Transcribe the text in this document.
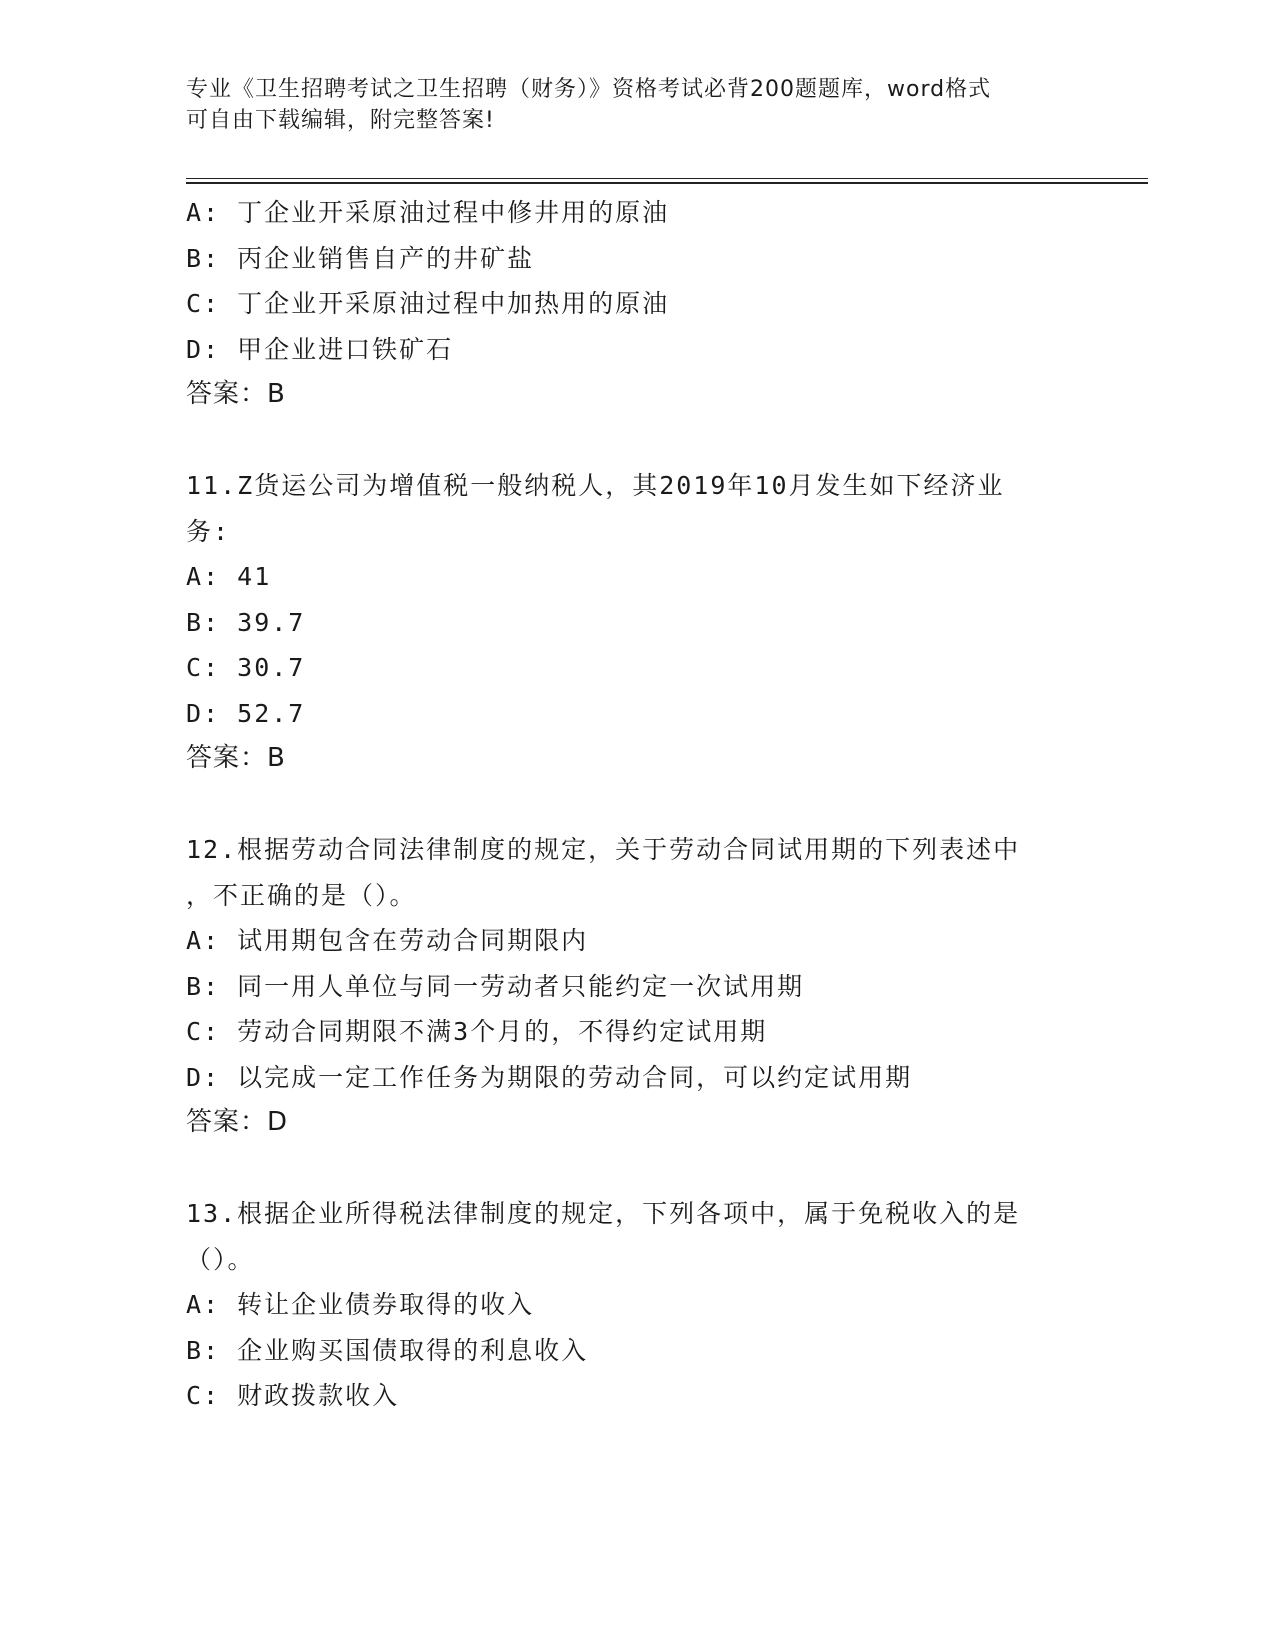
专业《卫生招聘考试之卫生招聘（财务）》资格考试必背200题题库，word格式
可自由下载编辑，附完整答案!
A: 丁企业开采原油过程中修井用的原油
B: 丙企业销售自产的井矿盐
C: 丁企业开采原油过程中加热用的原油
D: 甲企业进口铁矿石
答案：B
11.Z货运公司为增值税一般纳税人，其2019年10月发生如下经济业
务:
A: 41
B: 39.7
C: 30.7
D: 52.7
答案：B
12.根据劳动合同法律制度的规定，关于劳动合同试用期的下列表述中
，不正确的是（）。
A: 试用期包含在劳动合同期限内
B: 同一用人单位与同一劳动者只能约定一次试用期
C: 劳动合同期限不满3个月的，不得约定试用期
D: 以完成一定工作任务为期限的劳动合同，可以约定试用期
答案：D
13.根据企业所得税法律制度的规定，下列各项中，属于免税收入的是
（）。
A: 转让企业债券取得的收入
B: 企业购买国债取得的利息收入
C: 财政拨款收入
